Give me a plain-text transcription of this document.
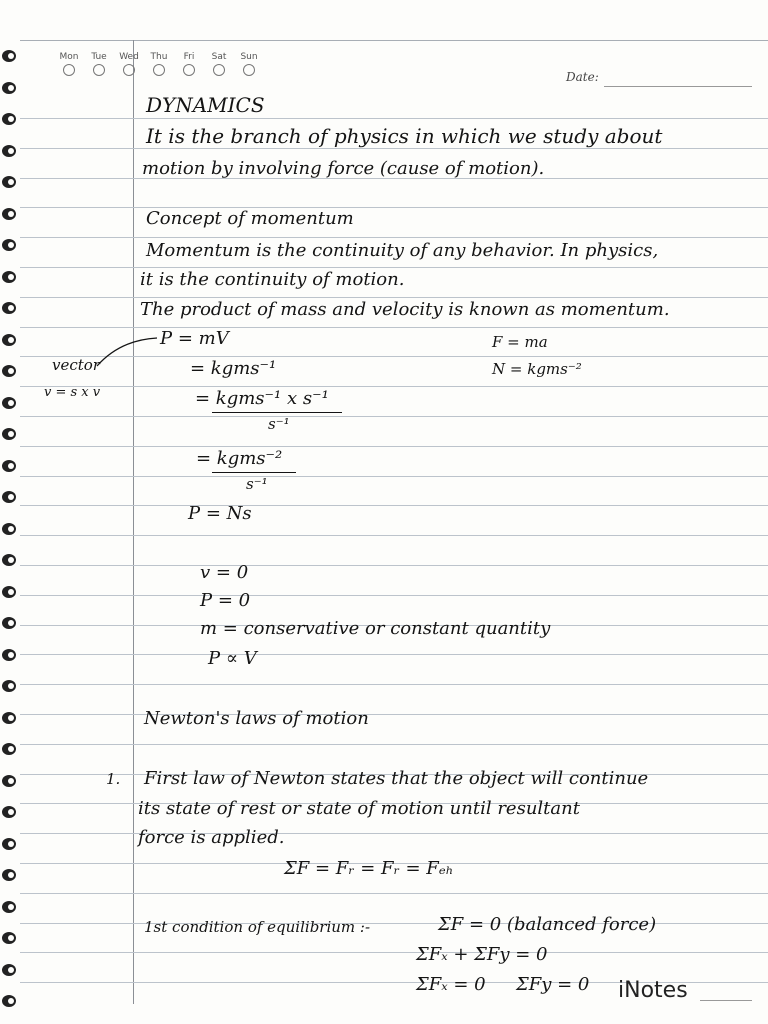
Mon Tue Wed Thu Fri Sat Sun
Date:
DYNAMICS
It is the branch of physics in which we study about
motion by involving force (cause of motion).
Concept of momentum
Momentum is the continuity of any behavior. In physics,
it is the continuity of motion.
The product of mass and velocity is known as momentum.
vector
v = s x v
P = mV	F = ma
= kgms⁻¹	N = kgms⁻²
= kgms⁻¹ x s⁻¹
s⁻¹
= kgms⁻²
s⁻¹
P = Ns
v = 0
P = 0
m = conservative or constant quantity
P ∝ V
Newton's laws of motion
1. First law of Newton states that the object will continue
its state of rest or state of motion until resultant
force is applied.
ΣF = Fᵣ = Fᵣ = Fₑₕ
1st condition of equilibrium :-	ΣF = 0 (balanced force)
ΣFₓ + ΣFy = 0
ΣFₓ = 0 ΣFy = 0 iNotes
